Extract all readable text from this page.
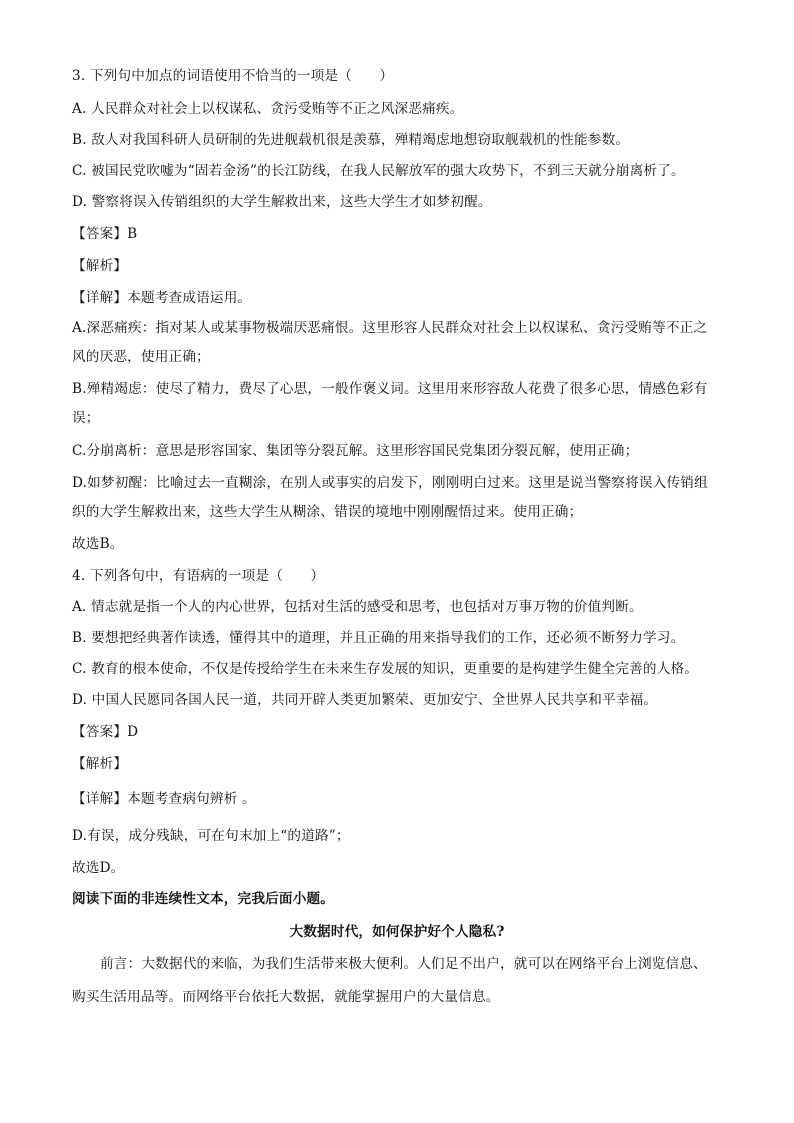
3. 下列句中加点的词语使用不恰当的一项是（　　）
A. 人民群众对社会上以权谋私、贪污受贿等不正之风深恶痛疾。
B. 敌人对我国科研人员研制的先进舰载机很是羡慕，殚精竭虑地想窃取舰载机的性能参数。
C. 被国民党吹嘘为“固若金汤”的长江防线，在我人民解放军的强大攻势下，不到三天就分崩离析了。
D. 警察将误入传销组织的大学生解救出来，这些大学生才如梦初醒。
【答案】B
【解析】
【详解】本题考查成语运用。
A.深恶痛疾：指对某人或某事物极端厌恶痛恨。这里形容人民群众对社会上以权谋私、贪污受贿等不正之
风的厌恶，使用正确；
B.殚精竭虑：使尽了精力，费尽了心思，一般作褒义词。这里用来形容敌人花费了很多心思，情感色彩有
误；
C.分崩离析：意思是形容国家、集团等分裂瓦解。这里形容国民党集团分裂瓦解，使用正确；
D.如梦初醒：比喻过去一直糊涂，在别人或事实的启发下，刚刚明白过来。这里是说当警察将误入传销组
织的大学生解救出来，这些大学生从糊涂、错误的境地中刚刚醒悟过来。使用正确；
故选B。
4. 下列各句中，有语病的一项是（　　）
A. 情志就是指一个人的内心世界，包括对生活的感受和思考，也包括对万事万物的价值判断。
B. 要想把经典著作读透，懂得其中的道理，并且正确的用来指导我们的工作，还必须不断努力学习。
C. 教育的根本使命，不仅是传授给学生在未来生存发展的知识，更重要的是构建学生健全完善的人格。
D. 中国人民愿同各国人民一道，共同开辟人类更加繁荣、更加安宁、全世界人民共享和平幸福。
【答案】D
【解析】
【详解】本题考查病句辨析 。
D.有误，成分残缺，可在句末加上“的道路”；
故选D。
阅读下面的非连续性文本，完我后面小题。
大数据时代，如何保护好个人隐私?
前言：大数据代的来临，为我们生活带来极大便利。人们足不出户，就可以在网络平台上浏览信息、
购买生活用品等。而网络平台依托大数据，就能掌握用户的大量信息。
